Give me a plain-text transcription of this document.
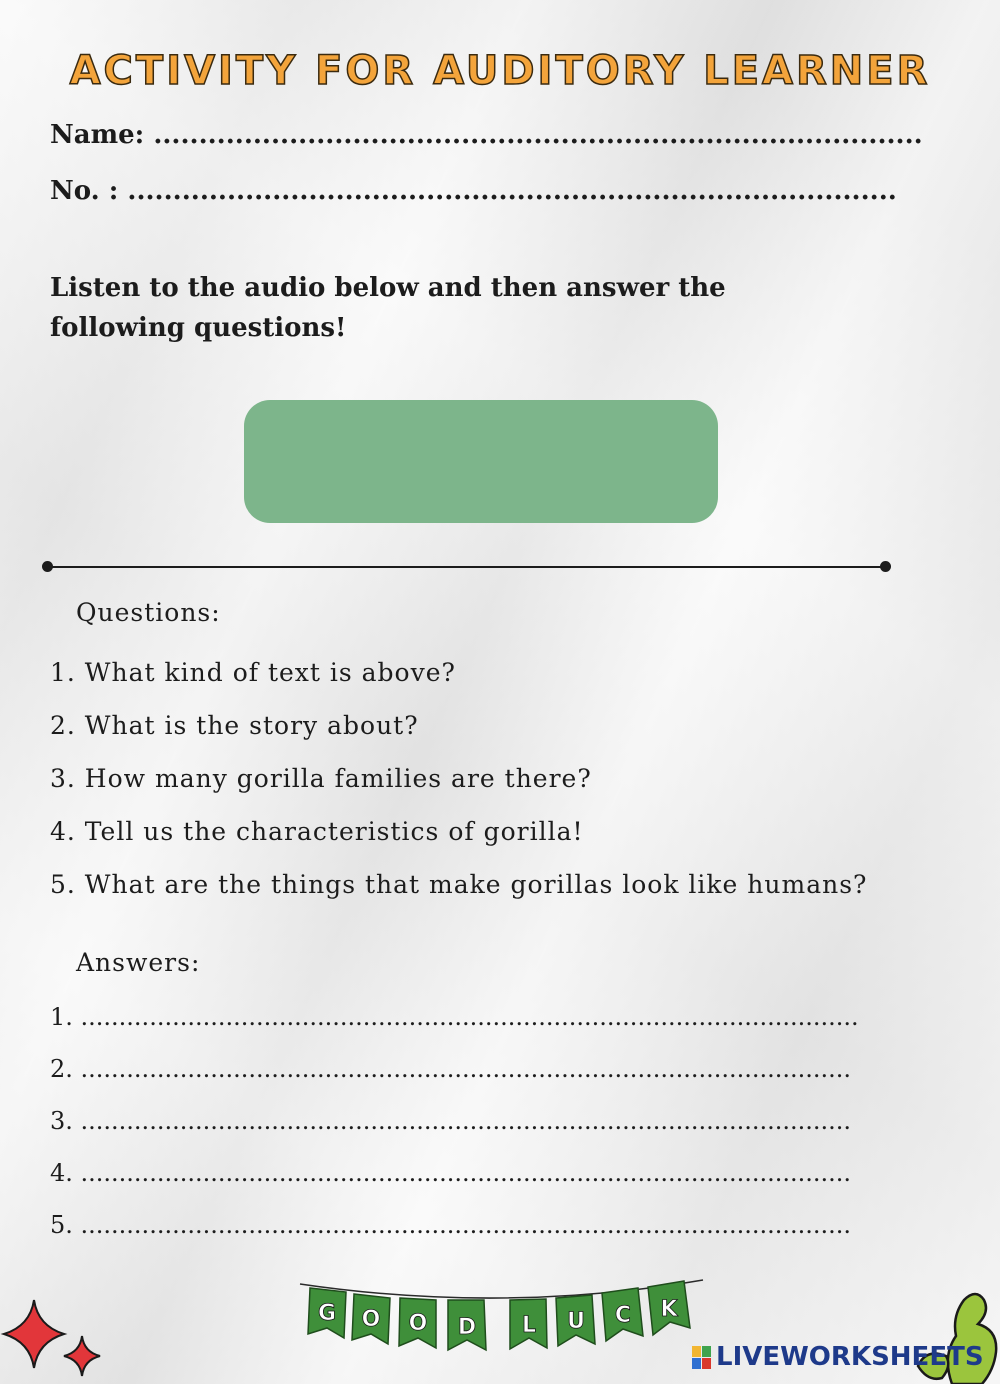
ACTIVITY FOR AUDITORY LEARNER
Name: .....................................................................................
No. : .....................................................................................
Listen to the audio below and then answer the following questions!
Questions:
1. What kind of text is above?
2. What is the story about?
3. How many gorilla families are there?
4. Tell us the characteristics of gorilla!
5. What are the things that make gorillas look like humans?
Answers:
1. ......................................................................................................
2. .....................................................................................................
3. .....................................................................................................
4. .....................................................................................................
5. .....................................................................................................
G O O D L U C K
LIVEWORKSHEETS
